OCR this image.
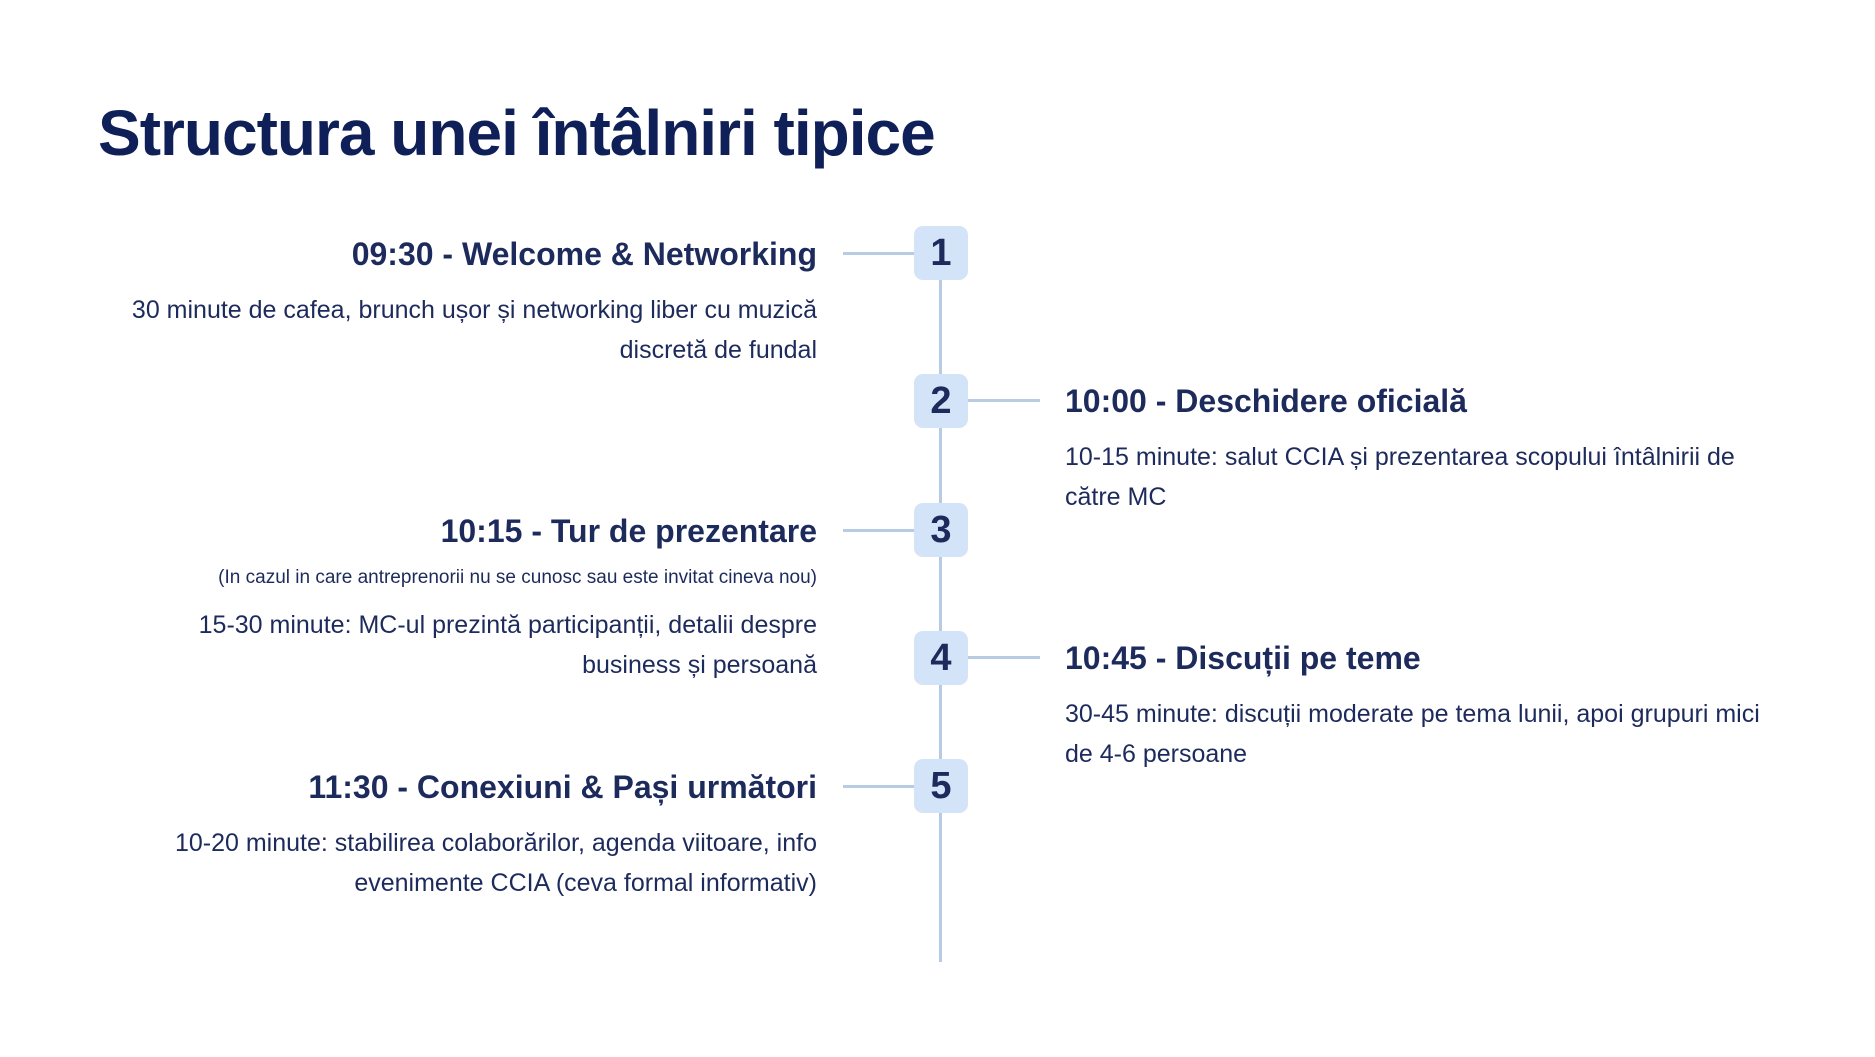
Structura unei întâlniri tipice
1

09:30 - Welcome & Networking

30 minute de cafea, brunch ușor și networking liber cu muzică discretă de fundal

2	10:00 - Deschidere oficială

10-15 minute: salut CCIA și prezentarea scopului întâlnirii de către MC

3

10:15 - Tur de prezentare

(In cazul in care antreprenorii nu se cunosc sau este invitat cineva nou)

15-30 minute: MC-ul prezintă participanții, detalii despre business și persoană	4	10:45 - Discuții pe teme

30-45 minute: discuții moderate pe tema lunii, apoi grupuri mici de 4-6 persoane

5

11:30 - Conexiuni & Pași următori

10-20 minute: stabilirea colaborărilor, agenda viitoare, info evenimente CCIA (ceva formal informativ)
